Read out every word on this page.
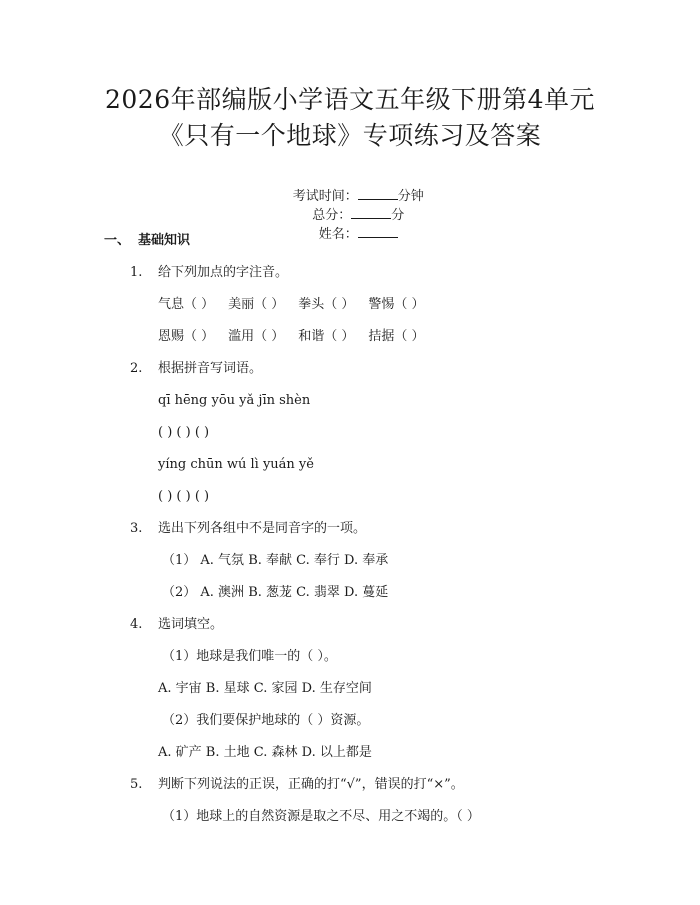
2026年部编版小学语文五年级下册第4单元
《只有一个地球》专项练习及答案

考试时间：	分钟
总分：	分
姓名：

一、 基础知识
1. 给下列加点的字注音。
气息（ ） 美丽（ ） 拳头（ ） 警惕（ ）
恩赐（ ） 滥用（ ） 和谐（ ） 拮据（ ）
2. 根据拼音写词语。
qī hēng yōu yǎ jīn shèn
( ) ( ) ( )
yíng chūn wú lì yuán yě
( ) ( ) ( )
3. 选出下列各组中不是同音字的一项。
（1） A. 气氛 B. 奉献 C. 奉行 D. 奉承
（2） A. 澳洲 B. 葱茏 C. 翡翠 D. 蔓延
4. 选词填空。
（1）地球是我们唯一的（ ）。
A. 宇宙 B. 星球 C. 家园 D. 生存空间
（2）我们要保护地球的（ ）资源。
A. 矿产 B. 土地 C. 森林 D. 以上都是
5. 判断下列说法的正误，正确的打“√”，错误的打“×”。
（1）地球上的自然资源是取之不尽、用之不竭的。（ ）
